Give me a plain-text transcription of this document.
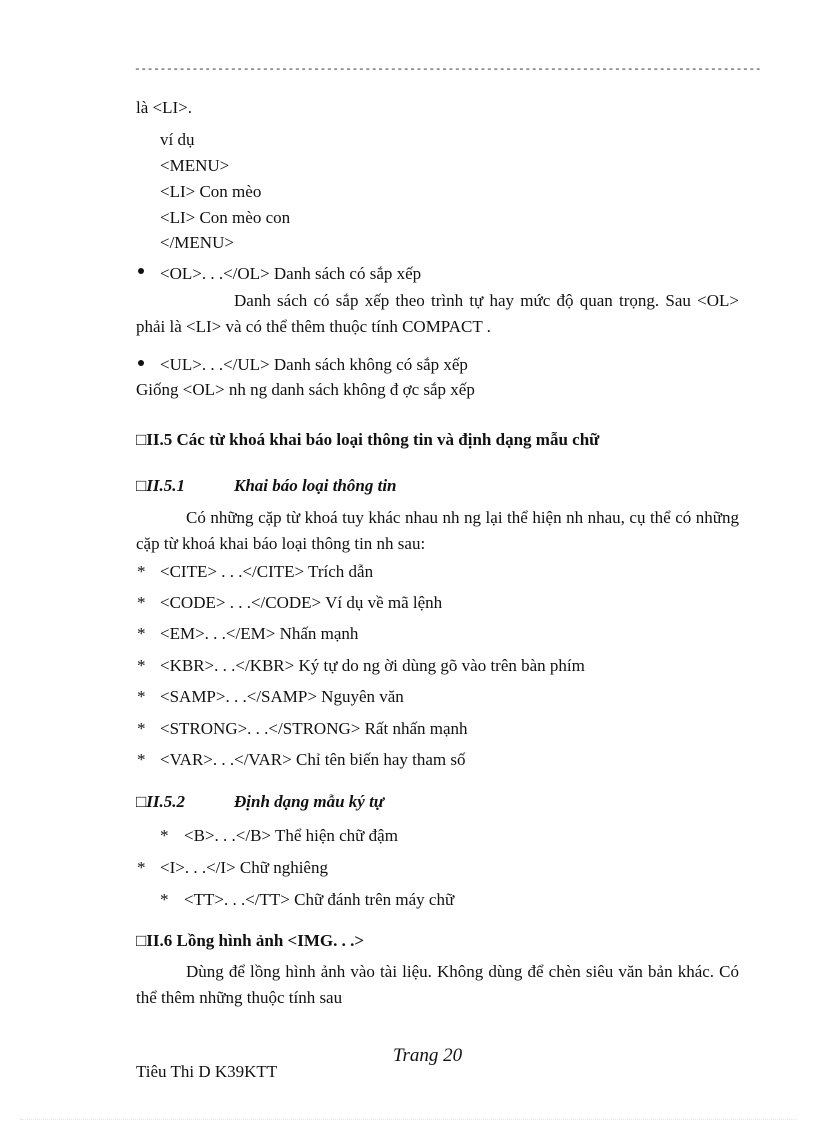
--------------------------------------------------------------------------------------------------
là <LI>.
ví dụ
<MENU>
<LI> Con mèo
<LI> Con mèo con
</MENU>
<OL>. . .</OL> Danh sách có sắp xếp
Danh sách có sắp xếp theo trình tự hay mức độ quan trọng. Sau <OL> phải là <LI> và có thể thêm thuộc tính COMPACT .
<UL>. . .</UL> Danh sách không có sắp xếp
Giống <OL> nh ng danh sách không đ ợc sắp xếp
□II.5 Các từ khoá khai báo loại thông tin và định dạng mẫu chữ
□II.5.1	Khai báo loại thông tin
Có những cặp từ khoá tuy khác nhau nh ng lại thể hiện nh nhau, cụ thể có những cặp từ khoá khai báo loại thông tin nh sau:
* <CITE> . . .</CITE> Trích dẫn
* <CODE> . . .</CODE> Ví dụ về mã lệnh
* <EM>. . .</EM> Nhấn mạnh
* <KBR>. . .</KBR> Ký tự do ng ời dùng gõ vào trên bàn phím
* <SAMP>. . .</SAMP> Nguyên văn
* <STRONG>. . .</STRONG> Rất nhấn mạnh
* <VAR>. . .</VAR> Chỉ tên biến hay tham số
□II.5.2	Định dạng mẫu ký tự
* <B>. . .</B> Thể hiện chữ đậm
* <I>. . .</I> Chữ nghiêng
* <TT>. . .</TT> Chữ đánh trên máy chữ
□II.6 Lồng hình ảnh <IMG. . .>
Dùng để lồng hình ảnh vào tài liệu. Không dùng để chèn siêu văn bản khác. Có thể thêm những thuộc tính sau
Trang 20
Tiêu Thi D K39KTT
